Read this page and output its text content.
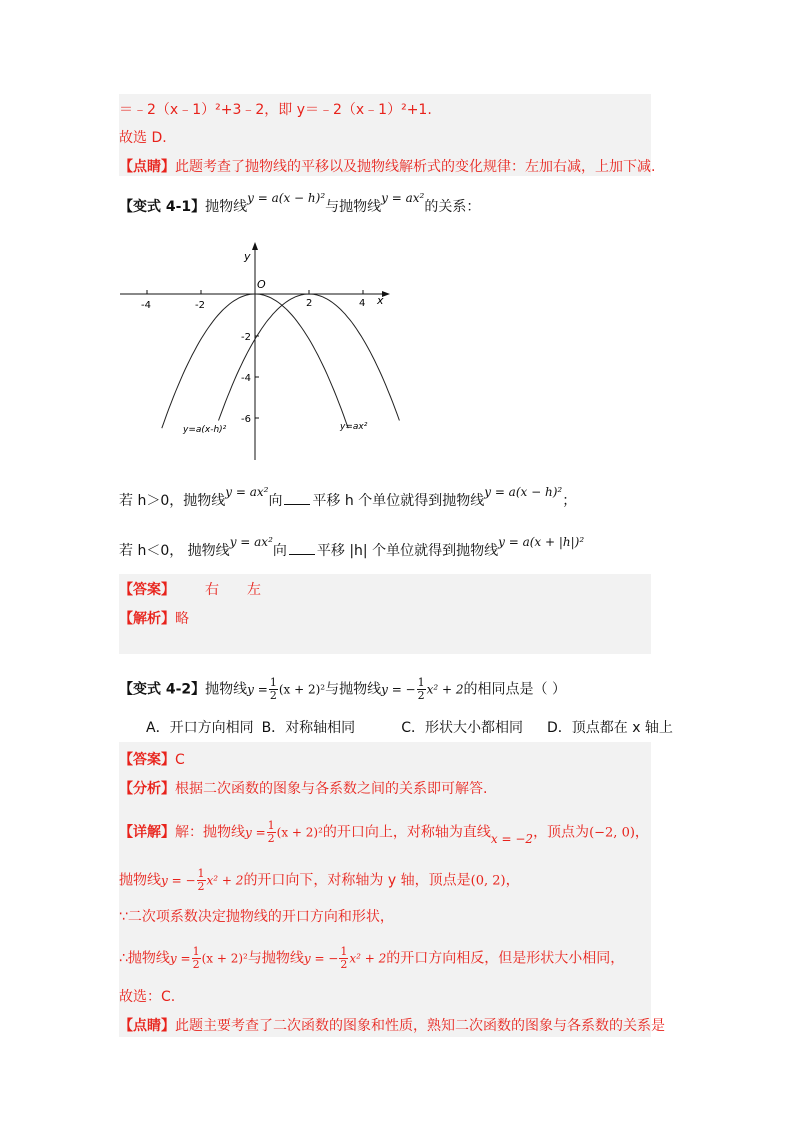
＝﹣2（x﹣1）²+3﹣2，即 y＝﹣2（x﹣1）²+1.
故选 D.
【点睛】此题考查了抛物线的平移以及抛物线解析式的变化规律：左加右减，上加下减.
【变式 4-1】抛物线y = a(x − h)²与抛物线y = ax²的关系：
y
x
O
-4	-2	2	4
-2
-4
-6
y=a(x-h)²	y=ax²
若 h＞0，抛物线y = ax²向 平移 h 个单位就得到抛物线y = a(x − h)²；
若 h＜0， 抛物线y = ax²向 平移 |h| 个单位就得到抛物线y = a(x + |h|)²
【答案】 右 左
【解析】略
【变式 4-2】抛物线$y = \frac{1}{2} (x + 2)^2$与抛物线y = − $\frac{1}{2} x^2 + 2$的相同点是（ ）
A．开口方向相同 B．对称轴相同	C．形状大小都相同 D．顶点都在 x 轴上
【答案】C
【分析】根据二次函数的图象与各系数之间的关系即可解答.
【详解】解：抛物线$y = \frac{1}{2} (x + 2)^2$的开口向上，对称轴为直线x = −2，顶点为(−2, 0)，
抛物线y = − $\frac{1}{2} x^2 + 2$的开口向下，对称轴为 y 轴，顶点是(0, 2)，
∵二次项系数决定抛物线的开口方向和形状，
∴抛物线$y = \frac{1}{2} (x + 2)^2$与抛物线y = − $\frac{1}{2} x^2 + 2$的开口方向相反，但是形状大小相同，
故选：C.
【点睛】此题主要考查了二次函数的图象和性质，熟知二次函数的图象与各系数的关系是
